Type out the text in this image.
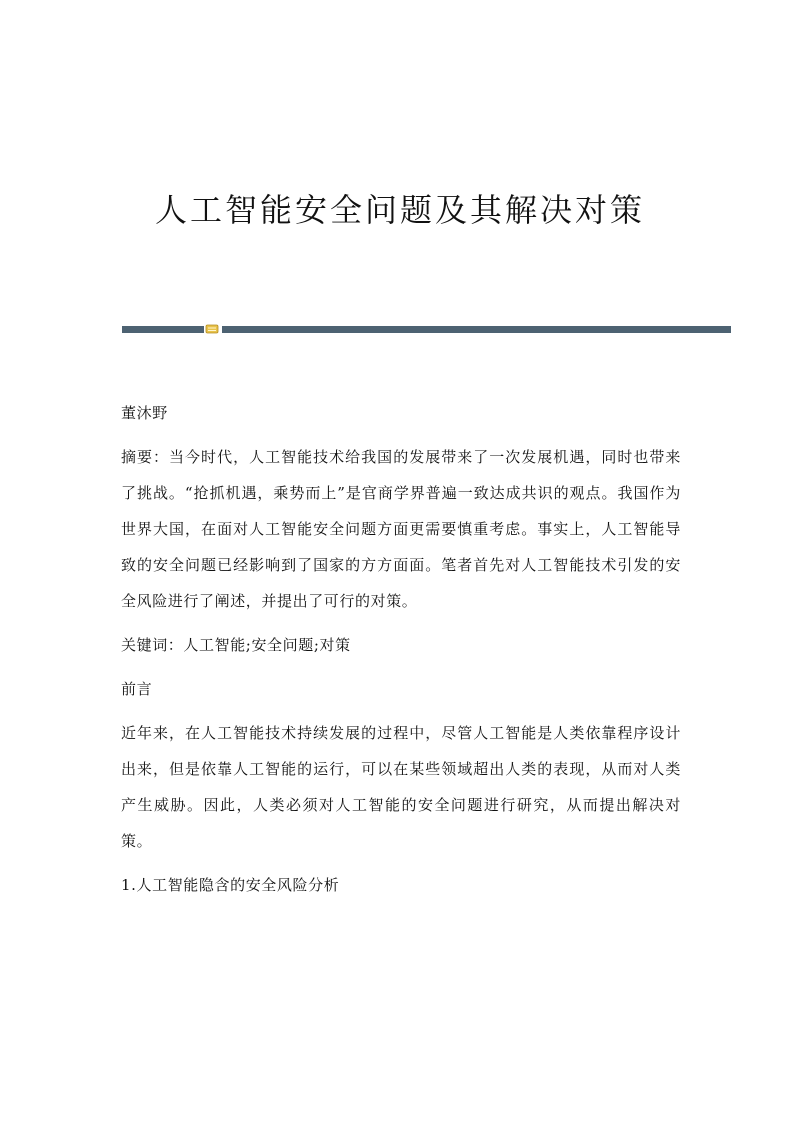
人工智能安全问题及其解决对策

董沐野

摘要：当今时代，人工智能技术给我国的发展带来了一次发展机遇，同时也带来了挑战。“抢抓机遇，乘势而上”是官商学界普遍一致达成共识的观点。我国作为世界大国，在面对人工智能安全问题方面更需要慎重考虑。事实上，人工智能导致的安全问题已经影响到了国家的方方面面。笔者首先对人工智能技术引发的安全风险进行了阐述，并提出了可行的对策。

关键词：人工智能;安全问题;对策

前言

近年来，在人工智能技术持续发展的过程中，尽管人工智能是人类依靠程序设计出来，但是依靠人工智能的运行，可以在某些领域超出人类的表现，从而对人类产生威胁。因此，人类必须对人工智能的安全问题进行研究，从而提出解决对策。

1.人工智能隐含的安全风险分析
